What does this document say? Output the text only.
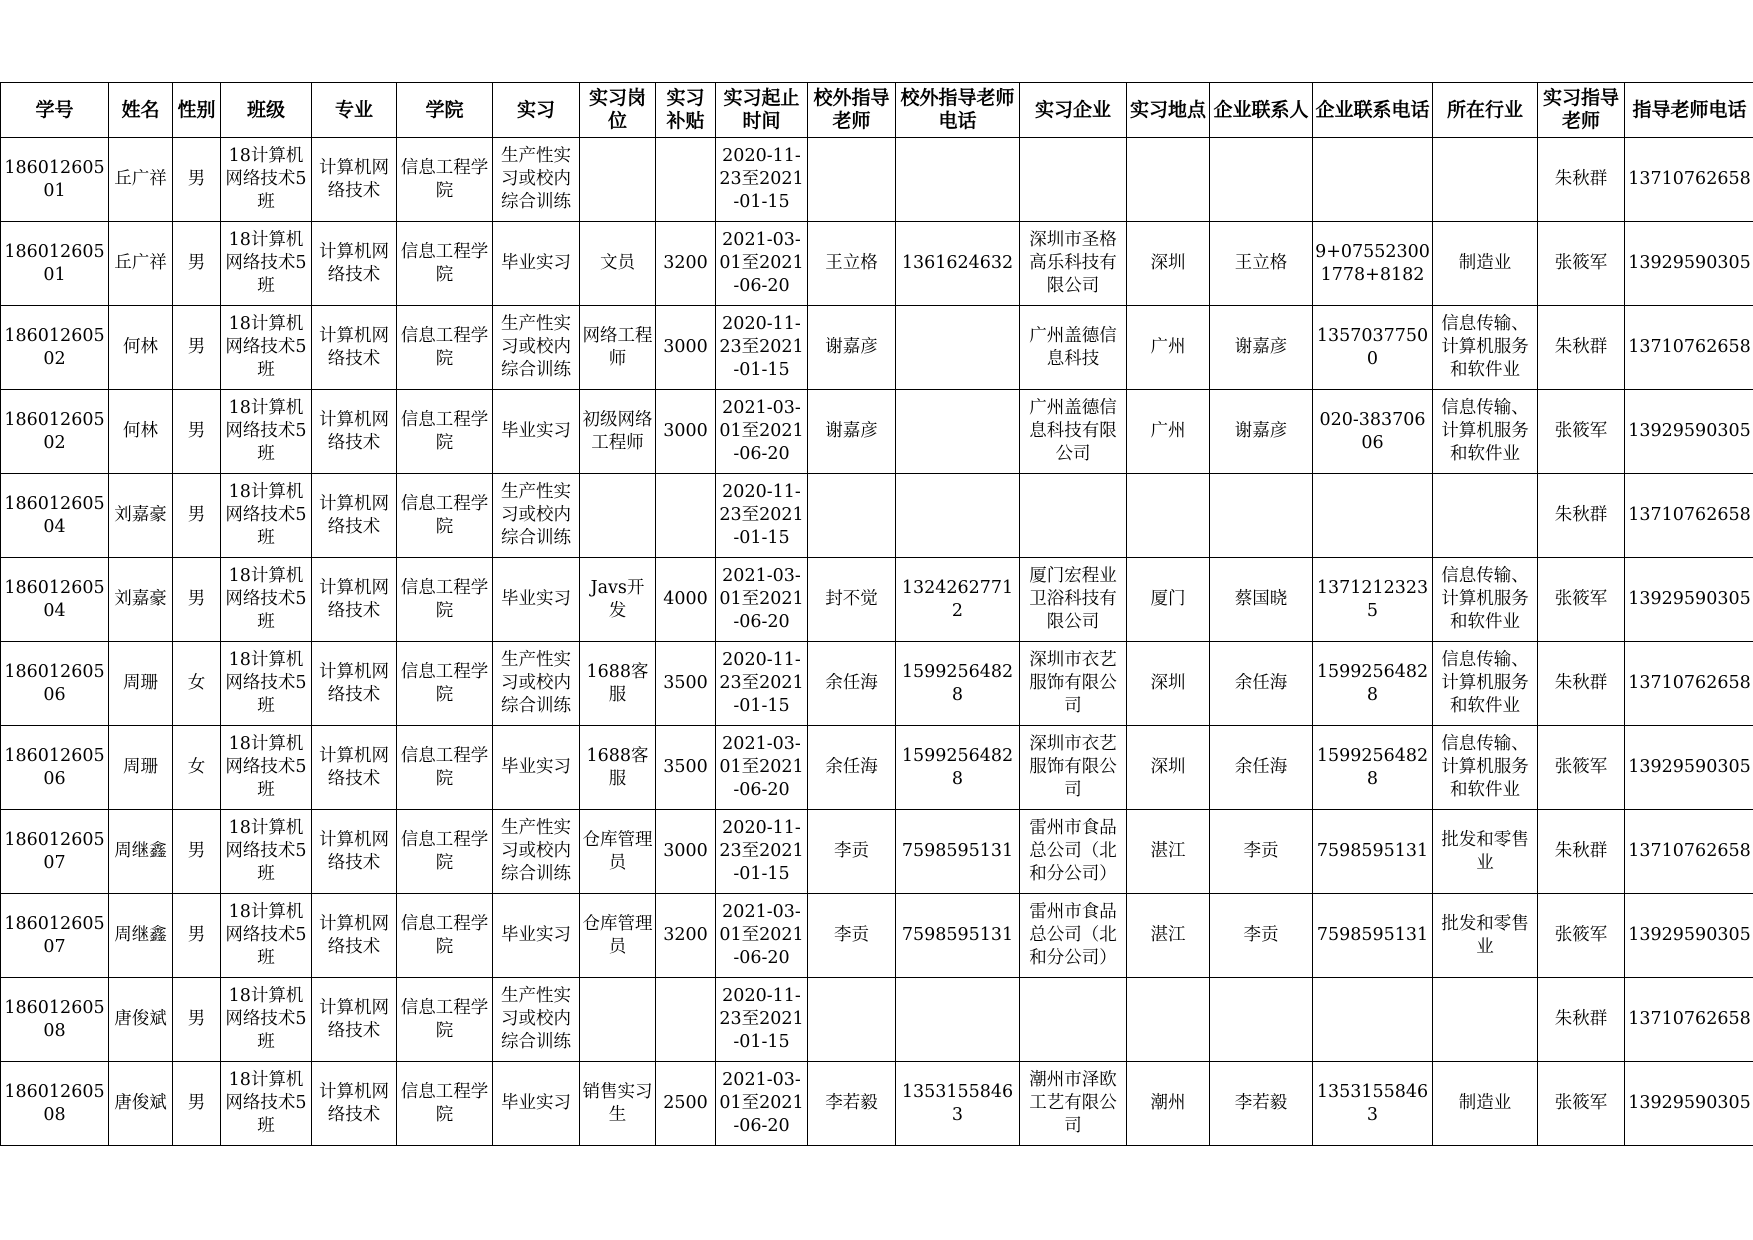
学号	姓名	性别	班级	专业	学院	实习	实习岗位	实习补贴	实习起止时间	校外指导老师	校外指导老师电话	实习企业	实习地点	企业联系人	企业联系电话	所在行业	实习指导老师	指导老师电话

18601260501	丘广祥	男	18计算机网络技术5班	计算机网络技术	信息工程学院	生产性实习或校内综合训练			2020-11-23至2021-01-15								朱秋群	13710762658

18601260501	丘广祥	男	18计算机网络技术5班	计算机网络技术	信息工程学院	毕业实习	文员	3200	2021-03-01至2021-06-20	王立格	1361624632	深圳市圣格高乐科技有限公司	深圳	王立格	9+075523001778+8182	制造业	张筱军	13929590305

18601260502	何林	男	18计算机网络技术5班	计算机网络技术	信息工程学院	生产性实习或校内综合训练	网络工程师	3000	2020-11-23至2021-01-15	谢嘉彦		广州盖德信息科技	广州	谢嘉彦	13570377500	信息传输、计算机服务和软件业	朱秋群	13710762658

18601260502	何林	男	18计算机网络技术5班	计算机网络技术	信息工程学院	毕业实习	初级网络工程师	3000	2021-03-01至2021-06-20	谢嘉彦		广州盖德信息科技有限公司	广州	谢嘉彦	020-38370606	信息传输、计算机服务和软件业	张筱军	13929590305

18601260504	刘嘉豪	男	18计算机网络技术5班	计算机网络技术	信息工程学院	生产性实习或校内综合训练			2020-11-23至2021-01-15								朱秋群	13710762658

18601260504	刘嘉豪	男	18计算机网络技术5班	计算机网络技术	信息工程学院	毕业实习	Javs开发	4000	2021-03-01至2021-06-20	封不觉	13242627712	厦门宏程业卫浴科技有限公司	厦门	蔡国晓	13712123235	信息传输、计算机服务和软件业	张筱军	13929590305

18601260506	周珊	女	18计算机网络技术5班	计算机网络技术	信息工程学院	生产性实习或校内综合训练	1688客服	3500	2020-11-23至2021-01-15	余任海	15992564828	深圳市衣艺服饰有限公司	深圳	余任海	15992564828	信息传输、计算机服务和软件业	朱秋群	13710762658

18601260506	周珊	女	18计算机网络技术5班	计算机网络技术	信息工程学院	毕业实习	1688客服	3500	2021-03-01至2021-06-20	余任海	15992564828	深圳市衣艺服饰有限公司	深圳	余任海	15992564828	信息传输、计算机服务和软件业	张筱军	13929590305

18601260507	周继鑫	男	18计算机网络技术5班	计算机网络技术	信息工程学院	生产性实习或校内综合训练	仓库管理员	3000	2020-11-23至2021-01-15	李贡	7598595131	雷州市食品总公司（北和分公司）	湛江	李贡	7598595131	批发和零售业	朱秋群	13710762658

18601260507	周继鑫	男	18计算机网络技术5班	计算机网络技术	信息工程学院	毕业实习	仓库管理员	3200	2021-03-01至2021-06-20	李贡	7598595131	雷州市食品总公司（北和分公司）	湛江	李贡	7598595131	批发和零售业	张筱军	13929590305

18601260508	唐俊斌	男	18计算机网络技术5班	计算机网络技术	信息工程学院	生产性实习或校内综合训练			2020-11-23至2021-01-15								朱秋群	13710762658

18601260508	唐俊斌	男	18计算机网络技术5班	计算机网络技术	信息工程学院	毕业实习	销售实习生	2500	2021-03-01至2021-06-20	李若毅	13531558463	潮州市泽欧工艺有限公司	潮州	李若毅	13531558463	制造业	张筱军	13929590305
